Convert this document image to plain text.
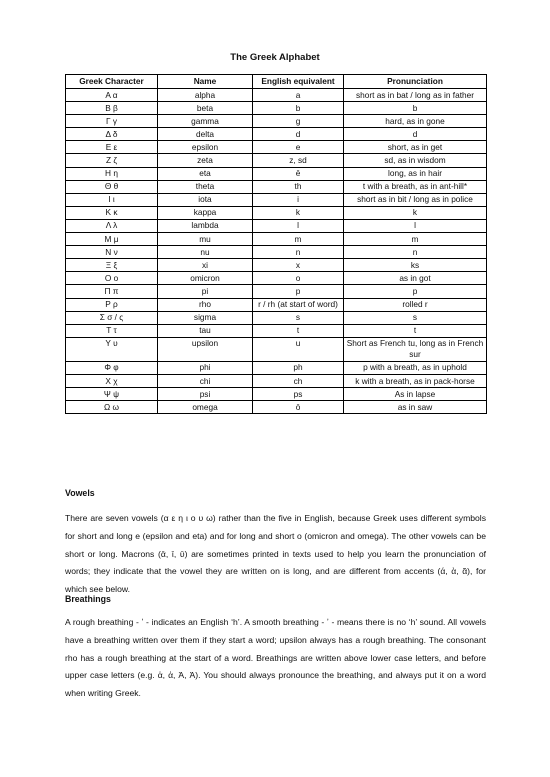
The Greek Alphabet
Greek Character	Name	English equivalent	Pronunciation
Α α	alpha	a	short as in bat / long as in father
Β β	beta	b	b
Γ γ	gamma	g	hard, as in gone
Δ δ	delta	d	d
Ε ε	epsilon	e	short, as in get
Ζ ζ	zeta	z, sd	sd, as in wisdom
Η η	eta	ē	long, as in hair
Θ θ	theta	th	t with a breath, as in ant-hill*
Ι ι	iota	i	short as in bit / long as in police
Κ κ	kappa	k	k
Λ λ	lambda	l	l
Μ μ	mu	m	m
Ν ν	nu	n	n
Ξ ξ	xi	x	ks
Ο ο	omicron	o	as in got
Π π	pi	p	p
Ρ ρ	rho	r / rh (at start of word)	rolled r
Σ σ / ς	sigma	s	s
Τ τ	tau	t	t
Υ υ	upsilon	u	Short as French tu, long as in French sur
Φ φ	phi	ph	p with a breath, as in uphold
Χ χ	chi	ch	k with a breath, as in pack-horse
Ψ ψ	psi	ps	As in lapse
Ω ω	omega	ō	as in saw
Vowels
There are seven vowels (α ε η ι ο υ ω) rather than the five in English, because Greek uses different symbols for short and long e (epsilon and eta) and for long and short o (omicron and omega). The other vowels can be short or long. Macrons (ᾱ, ῑ, ῡ) are sometimes printed in texts used to help you learn the pronunciation of words; they indicate that the vowel they are written on is long, and are different from accents (ά, ὰ, ᾶ), for which see below.
Breathings
A rough breathing - ʽ - indicates an English ‘h’. A smooth breathing - ʼ - means there is no ‘h’ sound. All vowels have a breathing written over them if they start a word; upsilon always has a rough breathing. The consonant rho has a rough breathing at the start of a word. Breathings are written above lower case letters, and before upper case letters (e.g. ἁ, ἀ, Ἁ, Ἀ). You should always pronounce the breathing, and always put it on a word when writing Greek.
